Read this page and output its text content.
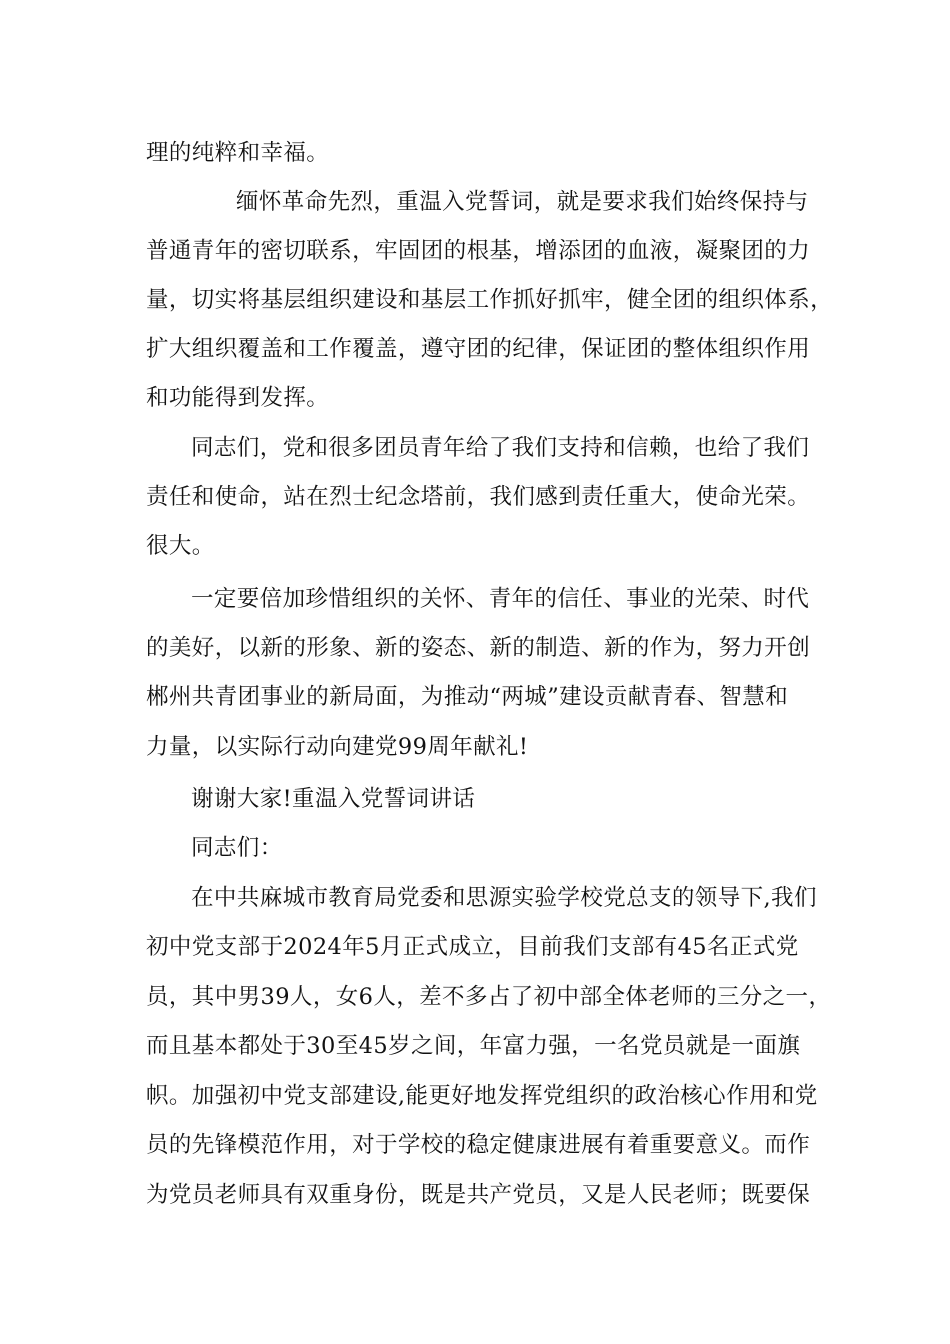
理的纯粹和幸福。
缅怀革命先烈，重温入党誓词，就是要求我们始终保持与
普通青年的密切联系，牢固团的根基，增添团的血液，凝聚团的力
量，切实将基层组织建设和基层工作抓好抓牢，健全团的组织体系，
扩大组织覆盖和工作覆盖，遵守团的纪律，保证团的整体组织作用
和功能得到发挥。
同志们，党和很多团员青年给了我们支持和信赖，也给了我们
责任和使命，站在烈士纪念塔前，我们感到责任重大，使命光荣。
很大。
一定要倍加珍惜组织的关怀、青年的信任、事业的光荣、时代
的美好，以新的形象、新的姿态、新的制造、新的作为，努力开创
郴州共青团事业的新局面，为推动“两城”建设贡献青春、智慧和
力量，以实际行动向建党99周年献礼!
谢谢大家!重温入党誓词讲话
同志们：
在中共麻城市教育局党委和思源实验学校党总支的领导下,我们
初中党支部于2024年5月正式成立，目前我们支部有45名正式党
员，其中男39人，女6人，差不多占了初中部全体老师的三分之一，
而且基本都处于30至45岁之间，年富力强，一名党员就是一面旗
帜。加强初中党支部建设,能更好地发挥党组织的政治核心作用和党
员的先锋模范作用，对于学校的稳定健康进展有着重要意义。而作
为党员老师具有双重身份，既是共产党员，又是人民老师；既要保
